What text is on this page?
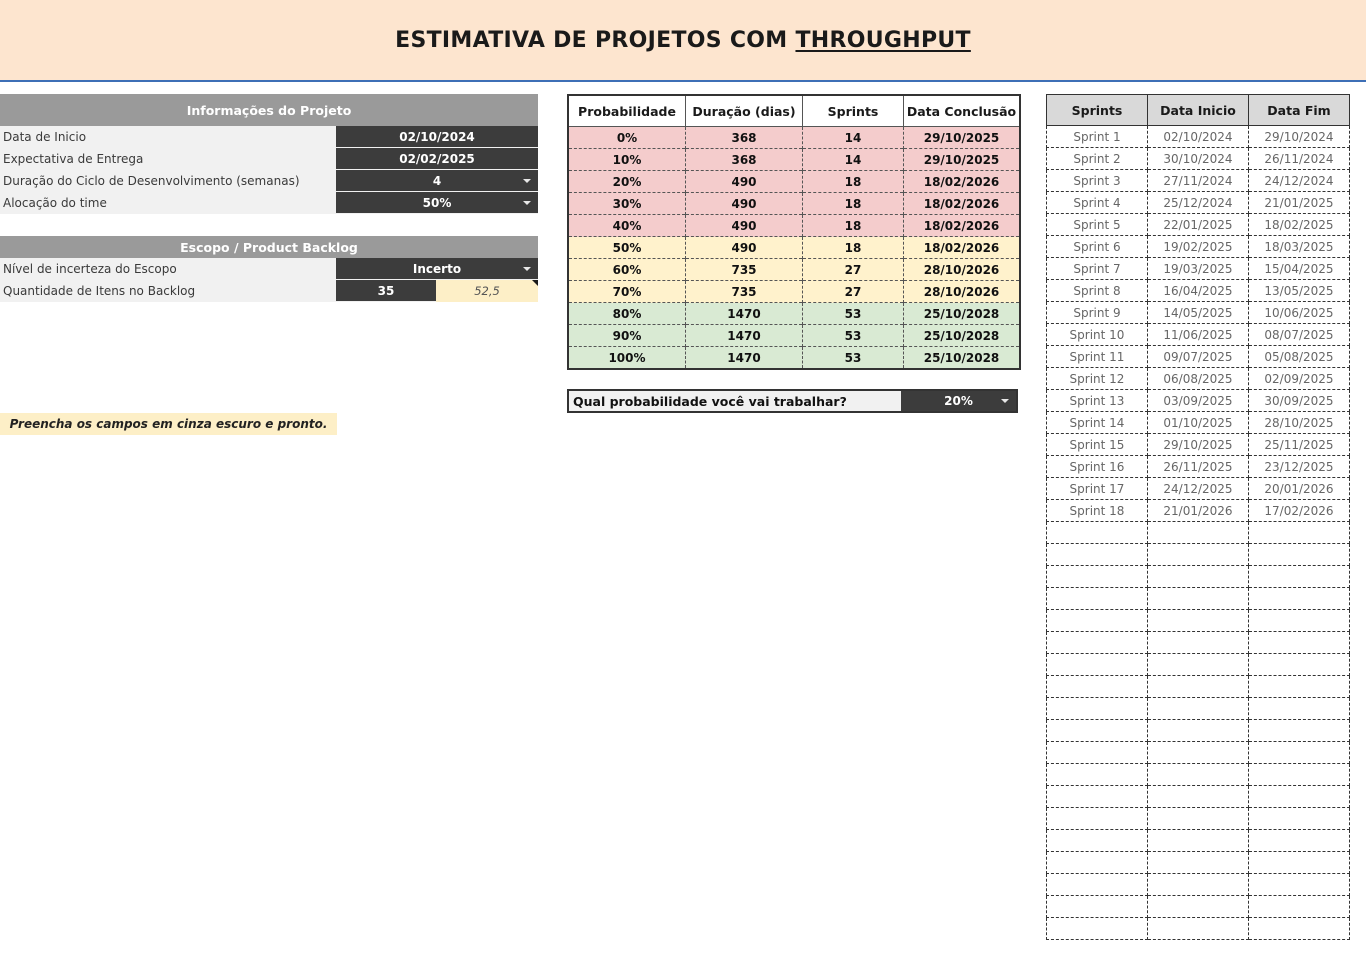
ESTIMATIVA DE PROJETOS COM THROUGHPUT
Informações do Projeto
Data de Inicio	02/10/2024
Expectativa de Entrega	02/02/2025
Duração do Ciclo de Desenvolvimento (semanas)	4
Alocação do time	50%
Escopo / Product Backlog
Nível de incerteza do Escopo	Incerto
Quantidade de Itens no Backlog	35	52,5
Preencha os campos em cinza escuro e pronto.
Probabilidade	Duração (dias)	Sprints	Data Conclusão
0%	368	14	29/10/2025
10%	368	14	29/10/2025
20%	490	18	18/02/2026
30%	490	18	18/02/2026
40%	490	18	18/02/2026
50%	490	18	18/02/2026
60%	735	27	28/10/2026
70%	735	27	28/10/2026
80%	1470	53	25/10/2028
90%	1470	53	25/10/2028
100%	1470	53	25/10/2028
Qual probabilidade você vai trabalhar?	20%
Sprints	Data Inicio	Data Fim
Sprint 1	02/10/2024	29/10/2024
Sprint 2	30/10/2024	26/11/2024
Sprint 3	27/11/2024	24/12/2024
Sprint 4	25/12/2024	21/01/2025
Sprint 5	22/01/2025	18/02/2025
Sprint 6	19/02/2025	18/03/2025
Sprint 7	19/03/2025	15/04/2025
Sprint 8	16/04/2025	13/05/2025
Sprint 9	14/05/2025	10/06/2025
Sprint 10	11/06/2025	08/07/2025
Sprint 11	09/07/2025	05/08/2025
Sprint 12	06/08/2025	02/09/2025
Sprint 13	03/09/2025	30/09/2025
Sprint 14	01/10/2025	28/10/2025
Sprint 15	29/10/2025	25/11/2025
Sprint 16	26/11/2025	23/12/2025
Sprint 17	24/12/2025	20/01/2026
Sprint 18	21/01/2026	17/02/2026
